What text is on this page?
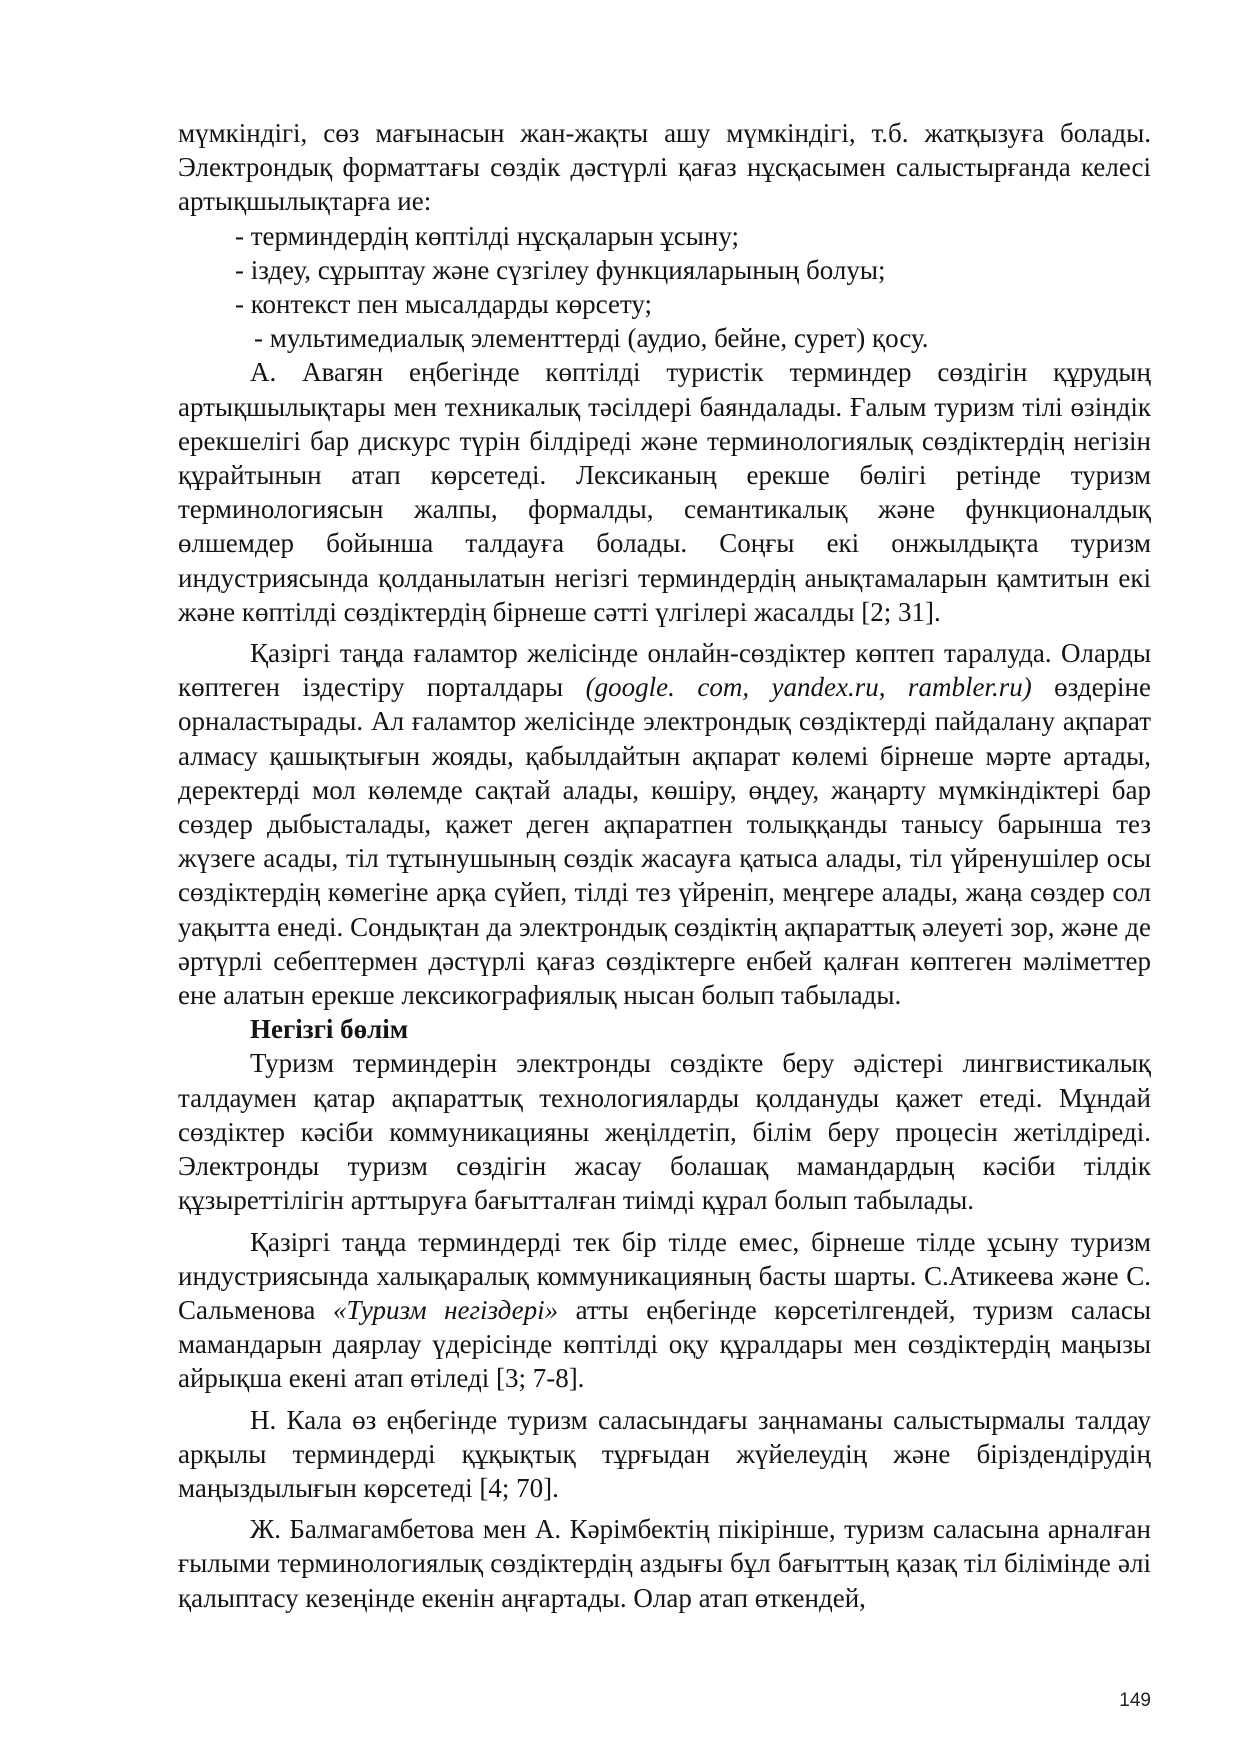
мүмкіндігі, сөз мағынасын жан-жақты ашу мүмкіндігі, т.б. жатқызуға болады. Электрондық форматтағы сөздік дәстүрлі қағаз нұсқасымен салыстырғанда келесі артықшылықтарға ие:

- терминдердің көптілді нұсқаларын ұсыну;

- іздеу, сұрыптау және сүзгілеу функцияларының болуы;

- контекст пен мысалдарды көрсету;

- мультимедиалық элементтерді (аудио, бейне, сурет) қосу.

А. Авагян еңбегінде көптілді туристік терминдер сөздігін құрудың артықшылықтары мен техникалық тәсілдері баяндалады. Ғалым туризм тілі өзіндік ерекшелігі бар дискурс түрін білдіреді және терминологиялық сөздіктердің негізін құрайтынын атап көрсетеді. Лексиканың ерекше бөлігі ретінде туризм терминологиясын жалпы, формалды, семантикалық және функционалдық өлшемдер бойынша талдауға болады. Соңғы екі онжылдықта туризм индустриясында қолданылатын негізгі терминдердің анықтамаларын қамтитын екі және көптілді сөздіктердің бірнеше сәтті үлгілері жасалды [2; 31].

Қазіргі таңда ғаламтор желісінде онлайн-сөздіктер көптеп таралуда. Оларды көптеген іздестіру порталдары (google. com, yandex.ru, rambler.ru) өздеріне орналастырады. Ал ғаламтор желісінде электрондық сөздіктерді пайдалану ақпарат алмасу қашықтығын жояды, қабылдайтын ақпарат көлемі бірнеше мәрте артады, деректерді мол көлемде сақтай алады, көшіру, өңдеу, жаңарту мүмкіндіктері бар сөздер дыбысталады, қажет деген ақпаратпен толыққанды танысу барынша тез жүзеге асады, тіл тұтынушының сөздік жасауға қатыса алады, тіл үйренушілер осы сөздіктердің көмегіне арқа сүйеп, тілді тез үйреніп, меңгере алады, жаңа сөздер сол уақытта енеді. Сондықтан да электрондық сөздіктің ақпараттық әлеуеті зор, және де әртүрлі себептермен дәстүрлі қағаз сөздіктерге енбей қалған көптеген мәліметтер ене алатын ерекше лексикографиялық нысан болып табылады.

Негізгі бөлім

Туризм терминдерін электронды сөздікте беру әдістері лингвистикалық талдаумен қатар ақпараттық технологияларды қолдануды қажет етеді. Мұндай сөздіктер кәсіби коммуникацияны жеңілдетіп, білім беру процесін жетілдіреді. Электронды туризм сөздігін жасау болашақ мамандардың кәсіби тілдік құзыреттілігін арттыруға бағытталған тиімді құрал болып табылады.

Қазіргі таңда терминдерді тек бір тілде емес, бірнеше тілде ұсыну туризм индустриясында халықаралық коммуникацияның басты шарты. С.Атикеева және С. Сальменова «Туризм негіздері» атты еңбегінде көрсетілгендей, туризм саласы мамандарын даярлау үдерісінде көптілді оқу құралдары мен сөздіктердің маңызы айрықша екені атап өтіледі [3; 7-8].

Н. Кала өз еңбегінде туризм саласындағы заңнаманы салыстырмалы талдау арқылы терминдерді құқықтық тұрғыдан жүйелеудің және біріздендірудің маңыздылығын көрсетеді [4; 70].

Ж. Балмагамбетова мен А. Кәрімбектің пікірінше, туризм саласына арналған ғылыми терминологиялық сөздіктердің аздығы бұл бағыттың қазақ тіл білімінде әлі қалыптасу кезеңінде екенін аңғартады. Олар атап өткендей,

149
